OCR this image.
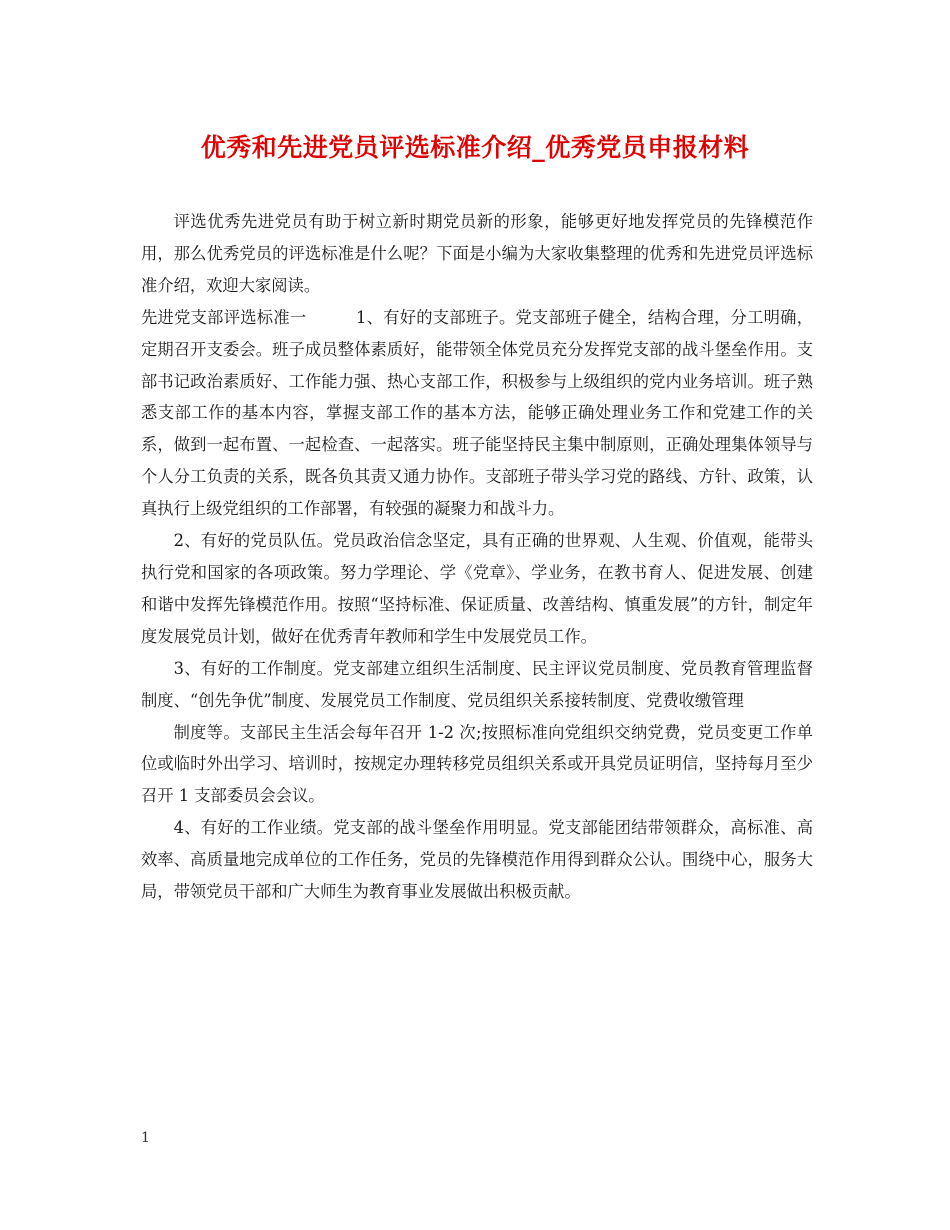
优秀和先进党员评选标准介绍_优秀党员申报材料

评选优秀先进党员有助于树立新时期党员新的形象，能够更好地发挥党员的先锋模范作用，那么优秀党员的评选标准是什么呢？下面是小编为大家收集整理的优秀和先进党员评选标准介绍，欢迎大家阅读。

先进党支部评选标准一　　　1、有好的支部班子。党支部班子健全，结构合理，分工明确，定期召开支委会。班子成员整体素质好，能带领全体党员充分发挥党支部的战斗堡垒作用。支部书记政治素质好、工作能力强、热心支部工作，积极参与上级组织的党内业务培训。班子熟悉支部工作的基本内容，掌握支部工作的基本方法，能够正确处理业务工作和党建工作的关系，做到一起布置、一起检查、一起落实。班子能坚持民主集中制原则，正确处理集体领导与个人分工负责的关系，既各负其责又通力协作。支部班子带头学习党的路线、方针、政策，认真执行上级党组织的工作部署，有较强的凝聚力和战斗力。

2、有好的党员队伍。党员政治信念坚定，具有正确的世界观、人生观、价值观，能带头执行党和国家的各项政策。努力学理论、学《党章》、学业务，在教书育人、促进发展、创建和谐中发挥先锋模范作用。按照“坚持标准、保证质量、改善结构、慎重发展”的方针，制定年度发展党员计划，做好在优秀青年教师和学生中发展党员工作。

3、有好的工作制度。党支部建立组织生活制度、民主评议党员制度、党员教育管理监督制度、“创先争优”制度、发展党员工作制度、党员组织关系接转制度、党费收缴管理

制度等。支部民主生活会每年召开 1-2 次;按照标准向党组织交纳党费，党员变更工作单位或临时外出学习、培训时，按规定办理转移党员组织关系或开具党员证明信，坚持每月至少召开 1 支部委员会会议。

4、有好的工作业绩。党支部的战斗堡垒作用明显。党支部能团结带领群众，高标准、高效率、高质量地完成单位的工作任务，党员的先锋模范作用得到群众公认。围绕中心，服务大局，带领党员干部和广大师生为教育事业发展做出积极贡献。

1
